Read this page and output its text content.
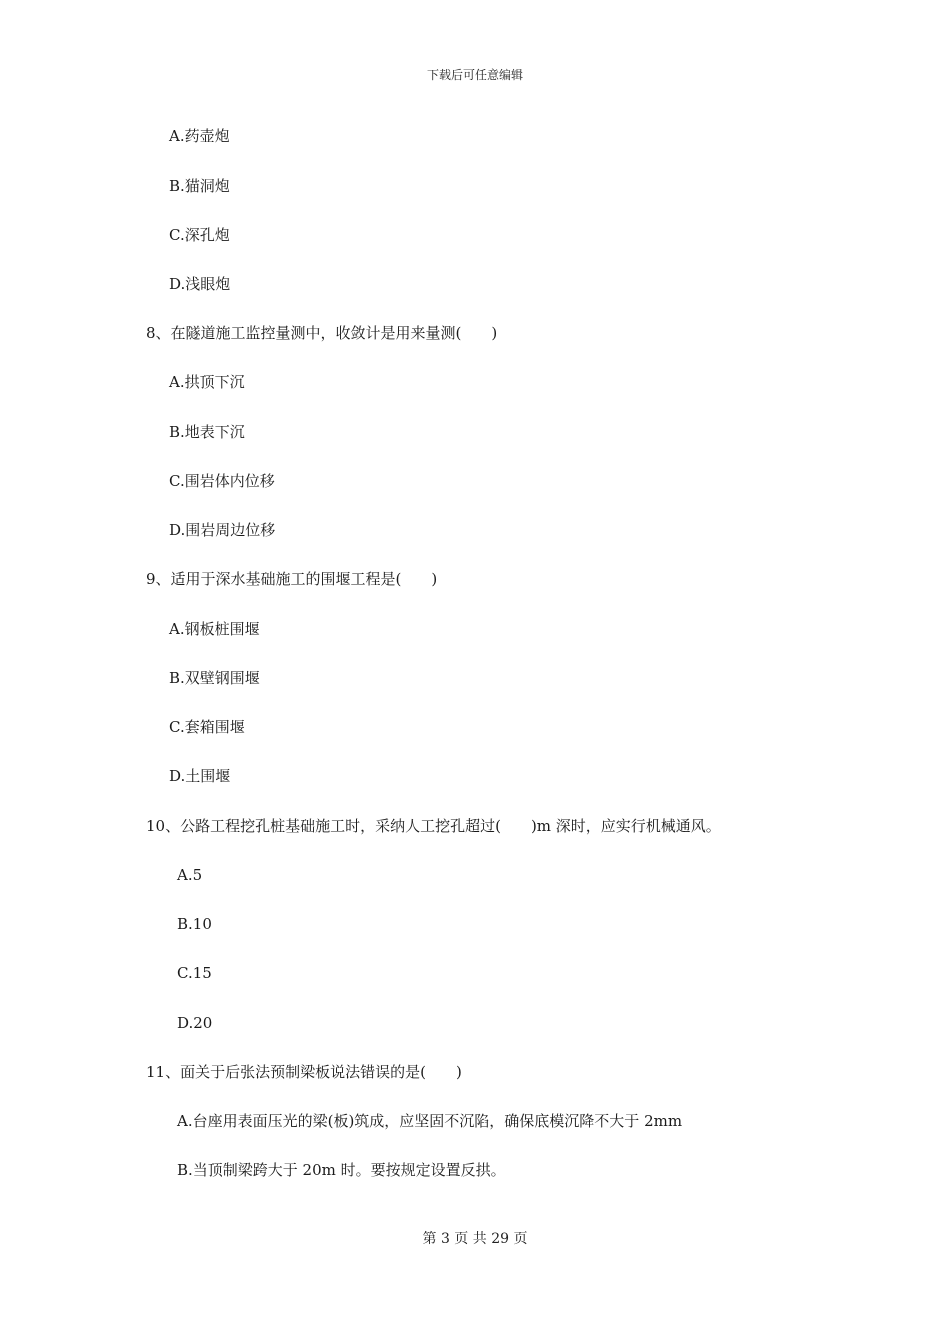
下载后可任意编辑
A.药壶炮
B.猫洞炮
C.深孔炮
D.浅眼炮
8、在隧道施工监控量测中，收敛计是用来量测(　　)
A.拱顶下沉
B.地表下沉
C.围岩体内位移
D.围岩周边位移
9、适用于深水基础施工的围堰工程是(　　)
A.钢板桩围堰
B.双壁钢围堰
C.套箱围堰
D.土围堰
10、公路工程挖孔桩基础施工时，采纳人工挖孔超过(　　)m 深时，应实行机械通风。
A.5
B.10
C.15
D.20
11、面关于后张法预制梁板说法错误的是(　　)
A.台座用表面压光的梁(板)筑成，应坚固不沉陷，确保底模沉降不大于 2mm
B.当顶制梁跨大于 20m 时。要按规定设置反拱。
第 3 页 共 29 页
